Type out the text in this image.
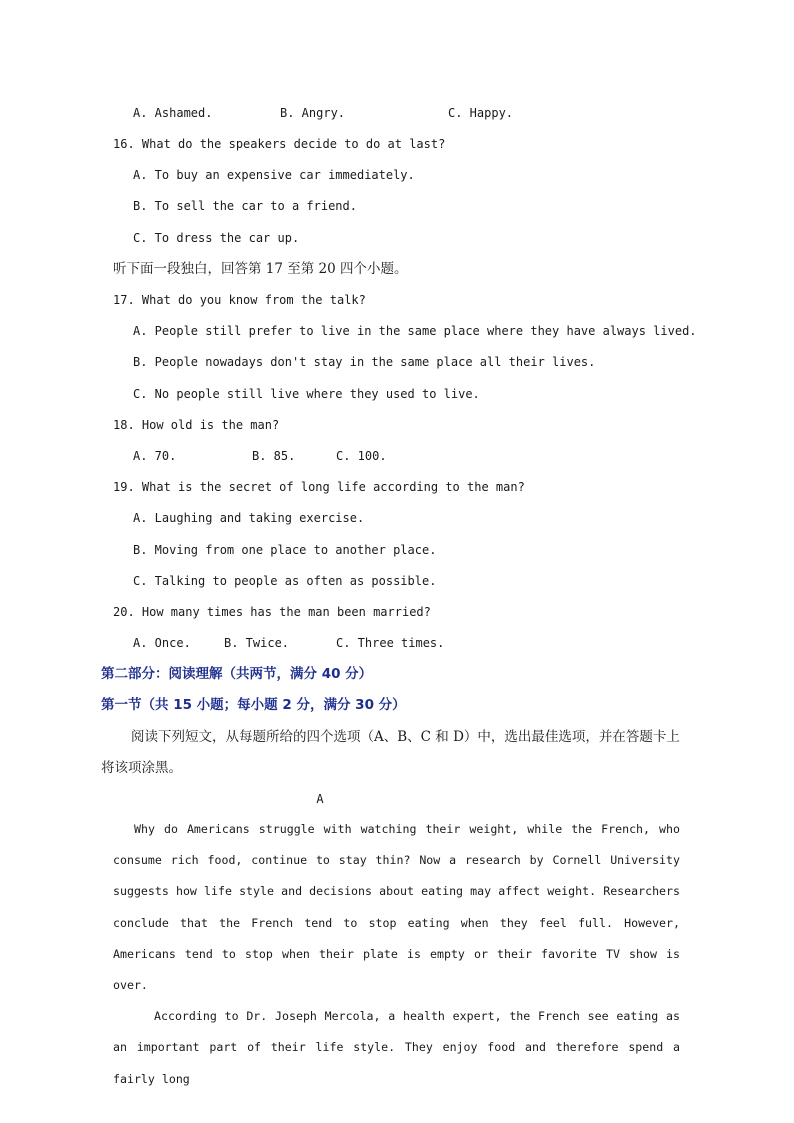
A. Ashamed.	B. Angry.	C. Happy.
16. What do the speakers decide to do at last?
A. To buy an expensive car immediately.
B. To sell the car to a friend.
C. To dress the car up.
听下面一段独白，回答第 17 至第 20 四个小题。
17. What do you know from the talk?
A. People still prefer to live in the same place where they have always lived.
B. People nowadays don't stay in the same place all their lives.
C. No people still live where they used to live.
18. How old is the man?
A. 70.	B. 85.	C. 100.
19. What is the secret of long life according to the man?
A. Laughing and taking exercise.
B. Moving from one place to another place.
C. Talking to people as often as possible.
20. How many times has the man been married?
A. Once.	B. Twice.	C. Three times.
第二部分：阅读理解（共两节，满分 40 分）
第一节（共 15 小题；每小题 2 分，满分 30 分）
阅读下列短文，从每题所给的四个选项（A、B、C 和 D）中，选出最佳选项，并在答题卡上
将该项涂黑。
A

Why do Americans struggle with watching their weight, while the French, who consume rich food, continue to stay thin? Now a research by Cornell University suggests how life style and decisions about eating may affect weight. Researchers conclude that the French tend to stop eating when they feel full. However, Americans tend to stop when their plate is empty or their favorite TV show is over.

According to Dr. Joseph Mercola, a health expert, the French see eating as an important part of their life style. They enjoy food and therefore spend a fairly long
